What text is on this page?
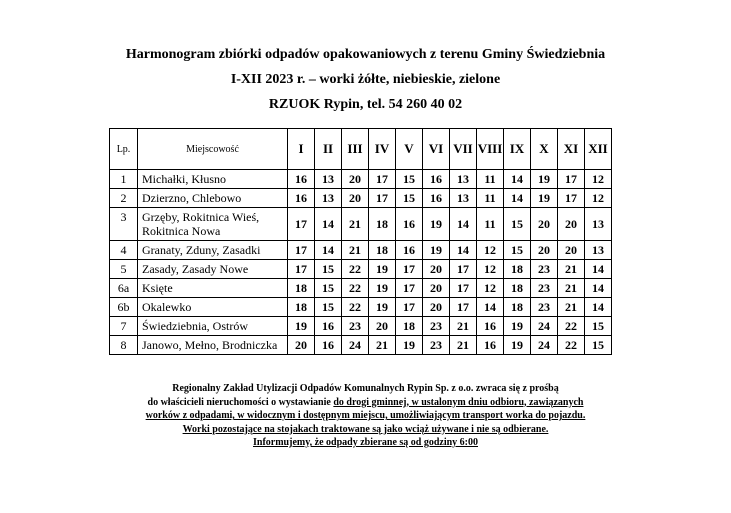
Harmonogram zbiórki odpadów opakowaniowych z terenu Gminy Świedziebnia
I-XII 2023 r. – worki żółte, niebieskie, zielone
RZUOK Rypin, tel. 54 260 40 02
Lp.	Miejscowość	I	II	III	IV	V	VI	VII	VIII	IX	X	XI	XII
1	Michałki, Kłusno	16	13	20	17	15	16	13	11	14	19	17	12
2	Dzierzno, Chlebowo	16	13	20	17	15	16	13	11	14	19	17	12
3	Grzęby, Rokitnica Wieś, Rokitnica Nowa	17	14	21	18	16	19	14	11	15	20	20	13
4	Granaty, Zduny, Zasadki	17	14	21	18	16	19	14	12	15	20	20	13
5	Zasady, Zasady Nowe	17	15	22	19	17	20	17	12	18	23	21	14
6a	Księte	18	15	22	19	17	20	17	12	18	23	21	14
6b	Okalewko	18	15	22	19	17	20	17	14	18	23	21	14
7	Świedziebnia, Ostrów	19	16	23	20	18	23	21	16	19	24	22	15
8	Janowo, Mełno, Brodniczka	20	16	24	21	19	23	21	16	19	24	22	15
Regionalny Zakład Utylizacji Odpadów Komunalnych Rypin Sp. z o.o. zwraca się z prośbą
do właścicieli nieruchomości o wystawianie do drogi gminnej, w ustalonym dniu odbioru, zawiązanych
worków z odpadami, w widocznym i dostępnym miejscu, umożliwiającym transport worka do pojazdu.
Worki pozostające na stojakach traktowane są jako wciąż używane i nie są odbierane.
Informujemy, że odpady zbierane są od godziny 6:00
